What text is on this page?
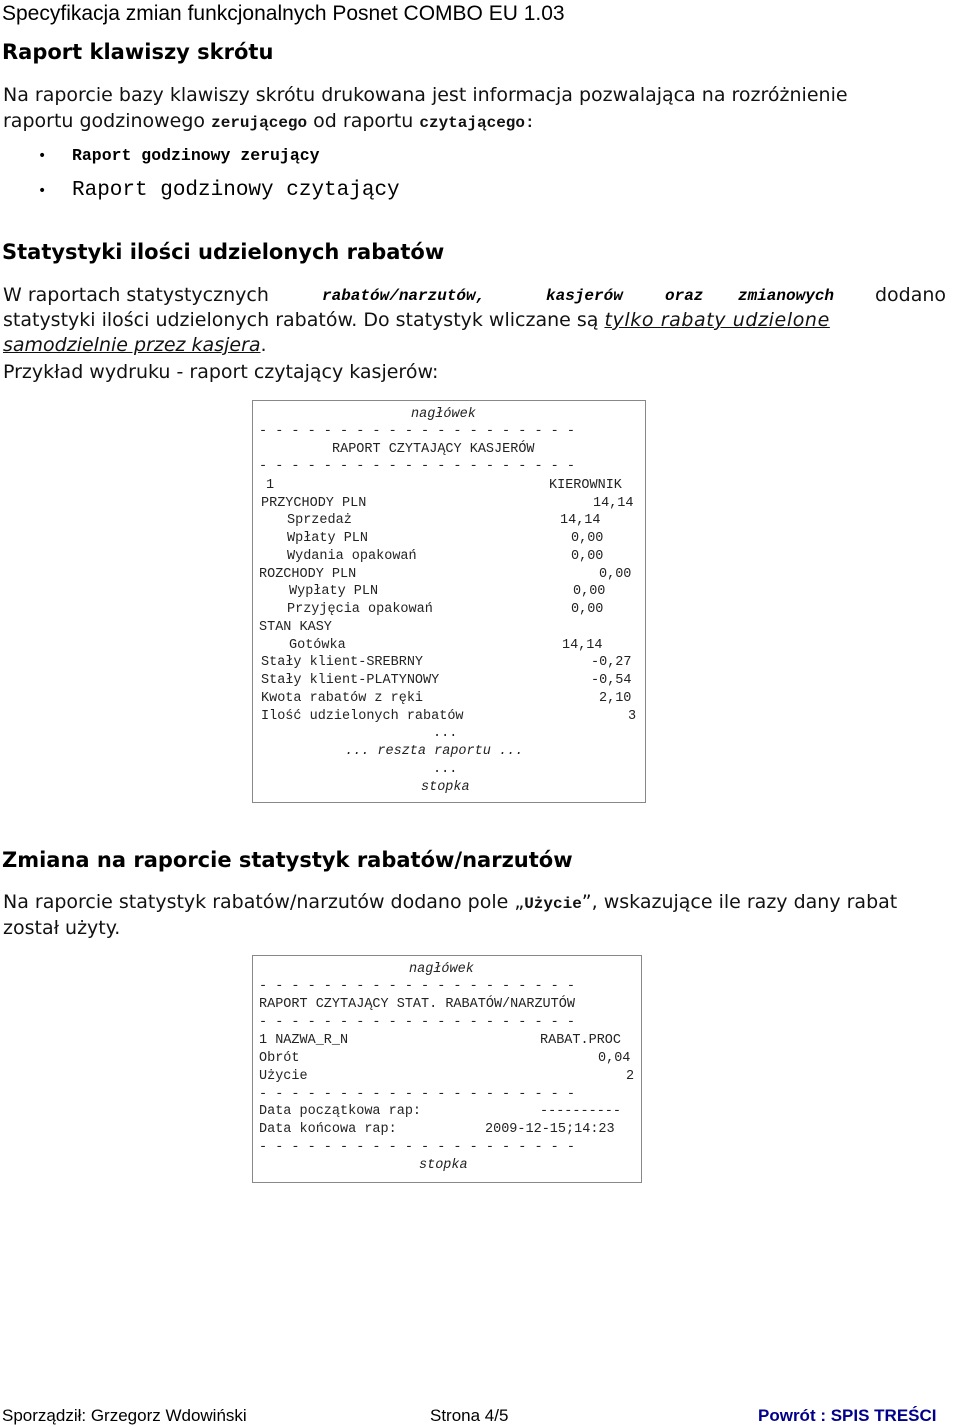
Specyfikacja zmian funkcjonalnych Posnet COMBO EU 1.03
Raport klawiszy skrótu
Na raporcie bazy klawiszy skrótu drukowana jest informacja pozwalająca na rozróżnienie
raportu godzinowego zerującego od raportu czytającego:
• Raport godzinowy zerujący
• Raport godzinowy czytający
Statystyki ilości udzielonych rabatów
W raportach statystycznych	rabatów/narzutów,	kasjerów	oraz zmianowych dodano
statystyki ilości udzielonych rabatów. Do statystyk wliczane są tylko rabaty udzielone
samodzielnie przez kasjera.
Przykład wydruku - raport czytający kasjerów:
nagłówek
- - - - - - - - - - - - - - - - - - - -
RAPORT CZYTAJĄCY KASJERÓW
- - - - - - - - - - - - - - - - - - - -
1	KIEROWNIK
PRZYCHODY PLN	14,14
Sprzedaż	14,14
Wpłaty PLN	0,00
Wydania opakowań	0,00
ROZCHODY PLN	0,00
Wypłaty PLN	0,00
Przyjęcia opakowań	0,00
STAN KASY
Gotówka	14,14
Stały klient-SREBRNY	-0,27
Stały klient-PLATYNOWY	-0,54
Kwota rabatów z ręki	2,10
Ilość udzielonych rabatów	3
...
... reszta raportu ...
...
stopka
Zmiana na raporcie statystyk rabatów/narzutów
Na raporcie statystyk rabatów/narzutów dodano pole „Użycie”, wskazujące ile razy dany rabat
został użyty.
nagłówek
- - - - - - - - - - - - - - - - - - - -
RAPORT CZYTAJĄCY STAT. RABATÓW/NARZUTÓW
- - - - - - - - - - - - - - - - - - - -
1 NAZWA_R_N	RABAT.PROC
Obrót	0,04
Użycie	2
- - - - - - - - - - - - - - - - - - - -
Data początkowa rap:	----------
Data końcowa rap:	2009-12-15;14:23
- - - - - - - - - - - - - - - - - - - -
stopka
Sporządził: Grzegorz Wdowiński	Strona 4/5	Powrót : SPIS TREŚCI
